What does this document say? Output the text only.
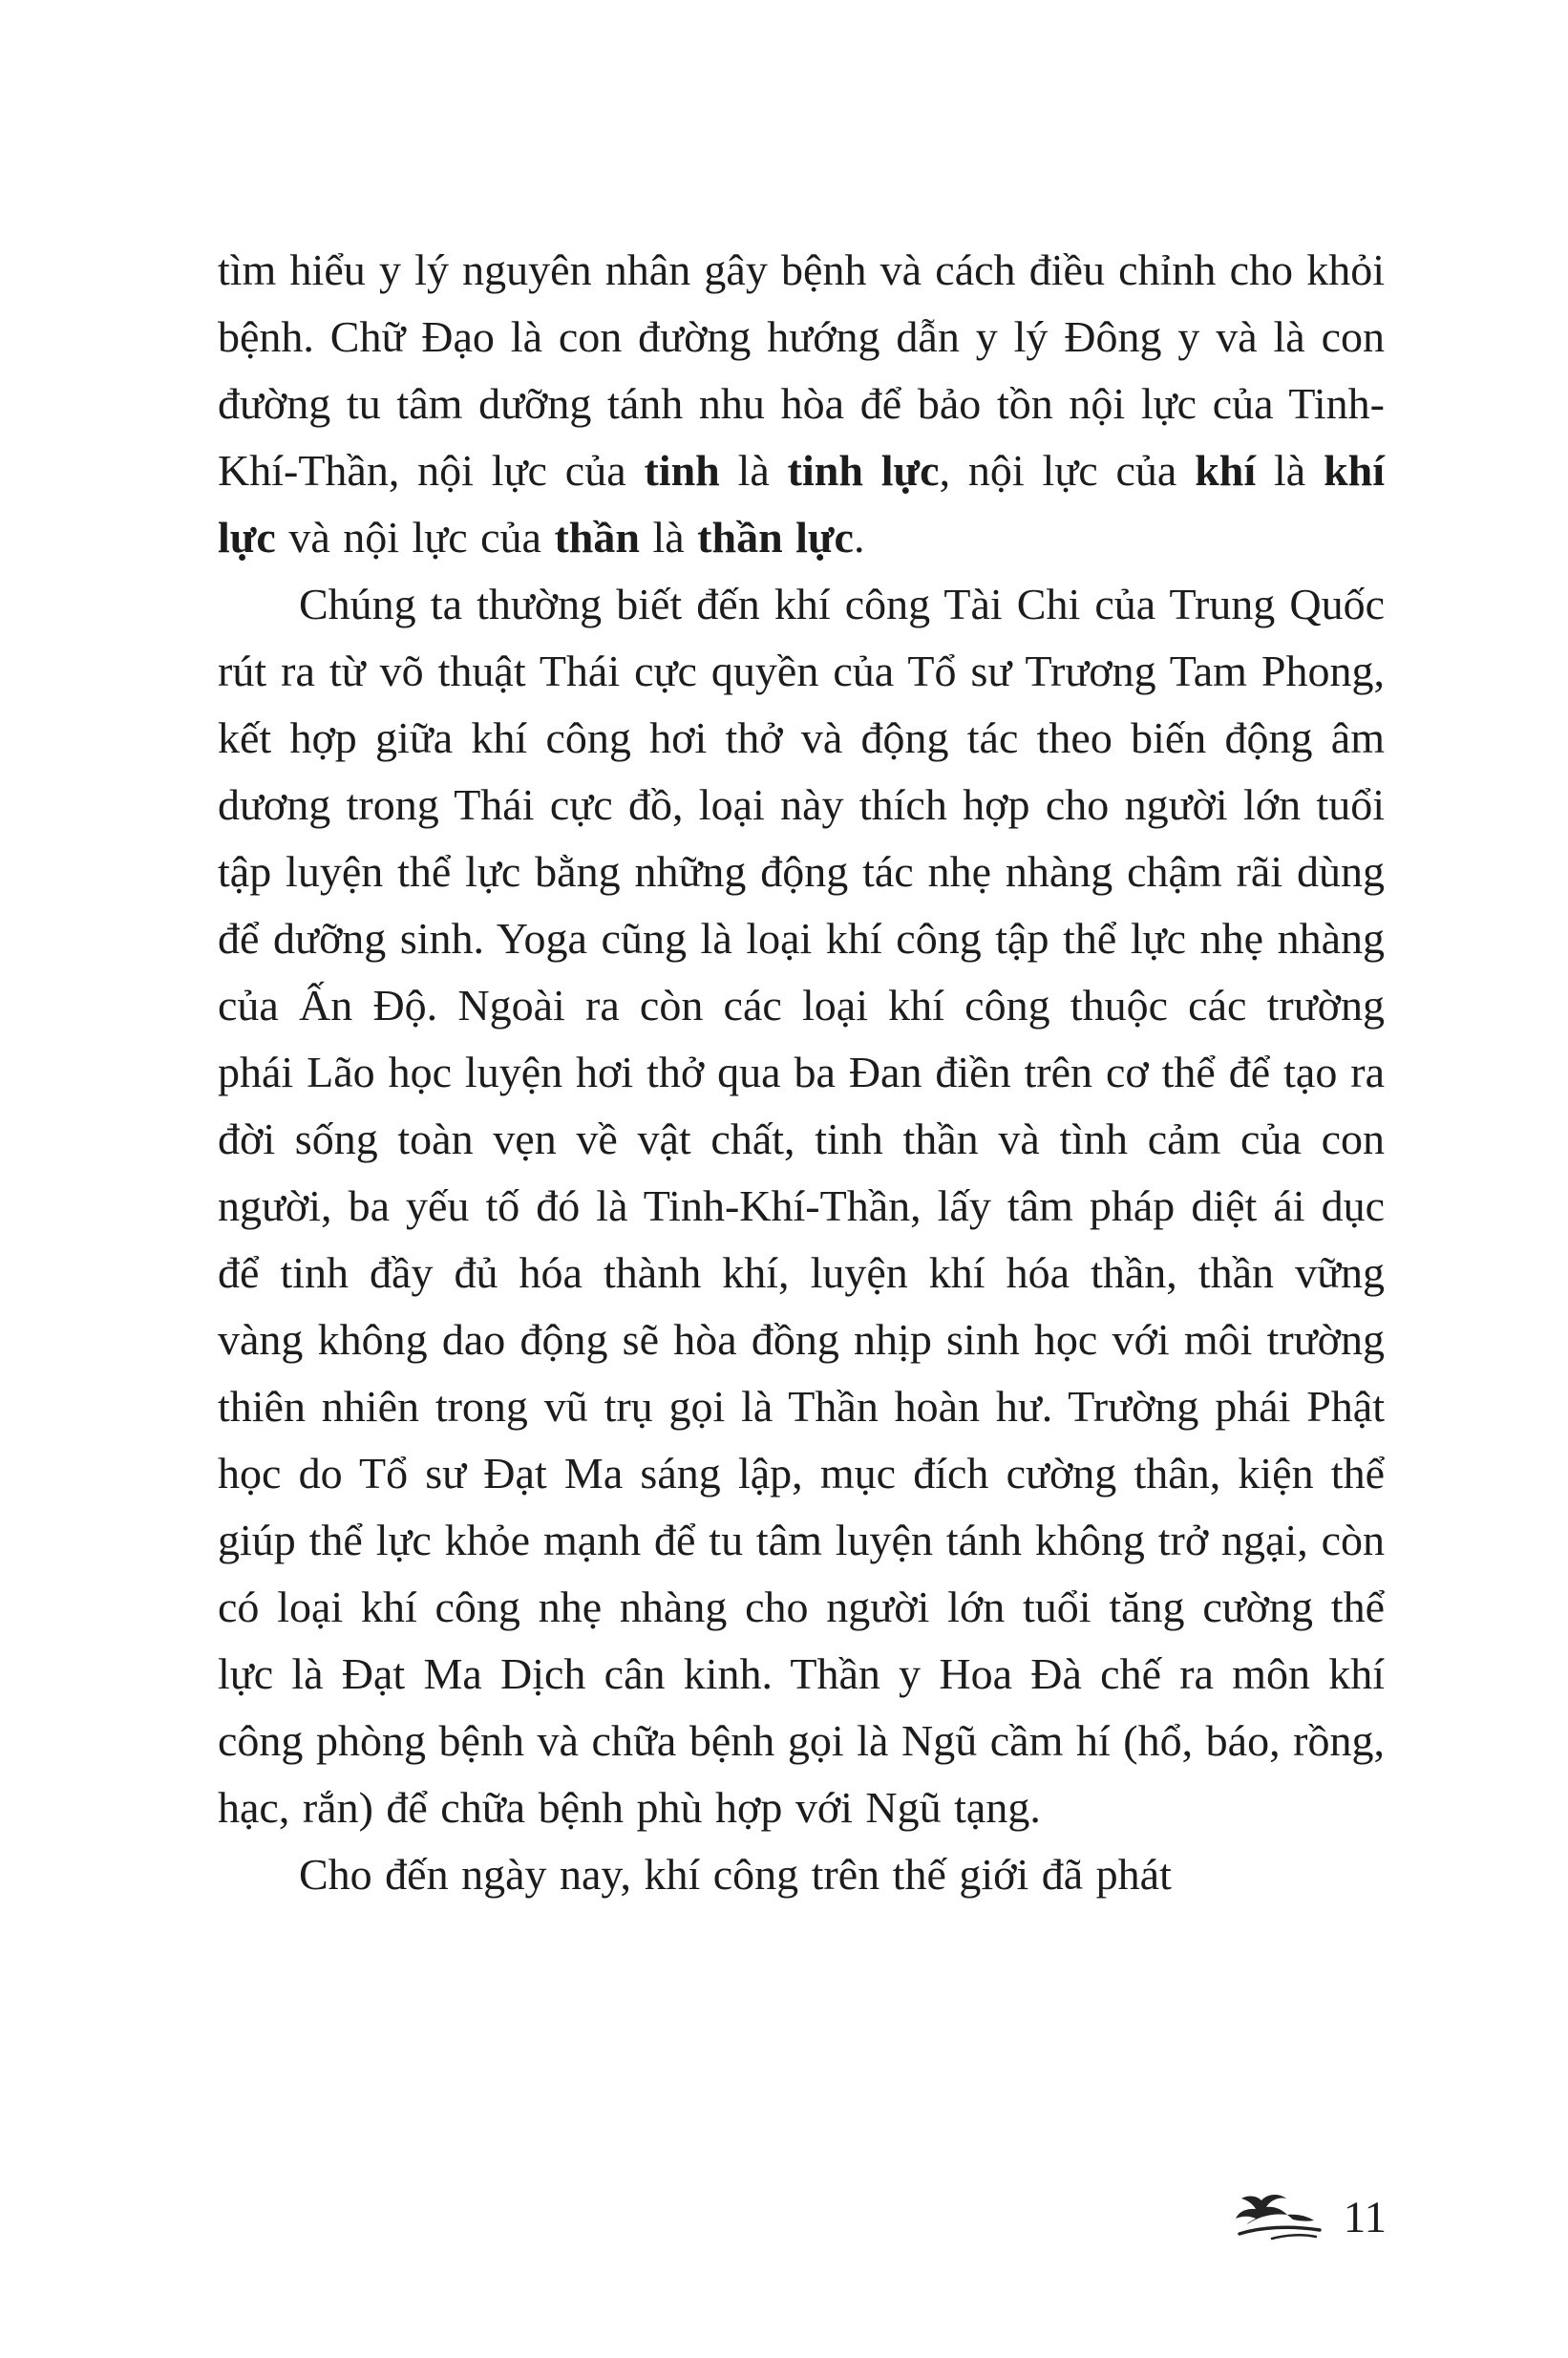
tìm hiểu y lý nguyên nhân gây bệnh và cách điều chỉnh cho khỏi bệnh. Chữ Đạo là con đường hướng dẫn y lý Đông y và là con đường tu tâm dưỡng tánh nhu hòa để bảo tồn nội lực của Tinh-Khí-Thần, nội lực của tinh là tinh lực, nội lực của khí là khí lực và nội lực của thần là thần lực.

Chúng ta thường biết đến khí công Tài Chi của Trung Quốc rút ra từ võ thuật Thái cực quyền của Tổ sư Trương Tam Phong, kết hợp giữa khí công hơi thở và động tác theo biến động âm dương trong Thái cực đồ, loại này thích hợp cho người lớn tuổi tập luyện thể lực bằng những động tác nhẹ nhàng chậm rãi dùng để dưỡng sinh. Yoga cũng là loại khí công tập thể lực nhẹ nhàng của Ấn Độ. Ngoài ra còn các loại khí công thuộc các trường phái Lão học luyện hơi thở qua ba Đan điền trên cơ thể để tạo ra đời sống toàn vẹn về vật chất, tinh thần và tình cảm của con người, ba yếu tố đó là Tinh-Khí-Thần, lấy tâm pháp diệt ái dục để tinh đầy đủ hóa thành khí, luyện khí hóa thần, thần vững vàng không dao động sẽ hòa đồng nhịp sinh học với môi trường thiên nhiên trong vũ trụ gọi là Thần hoàn hư. Trường phái Phật học do Tổ sư Đạt Ma sáng lập, mục đích cường thân, kiện thể giúp thể lực khỏe mạnh để tu tâm luyện tánh không trở ngại, còn có loại khí công nhẹ nhàng cho người lớn tuổi tăng cường thể lực là Đạt Ma Dịch cân kinh. Thần y Hoa Đà chế ra môn khí công phòng bệnh và chữa bệnh gọi là Ngũ cầm hí (hổ, báo, rồng, hạc, rắn) để chữa bệnh phù hợp với Ngũ tạng.

Cho đến ngày nay, khí công trên thế giới đã phát

11
